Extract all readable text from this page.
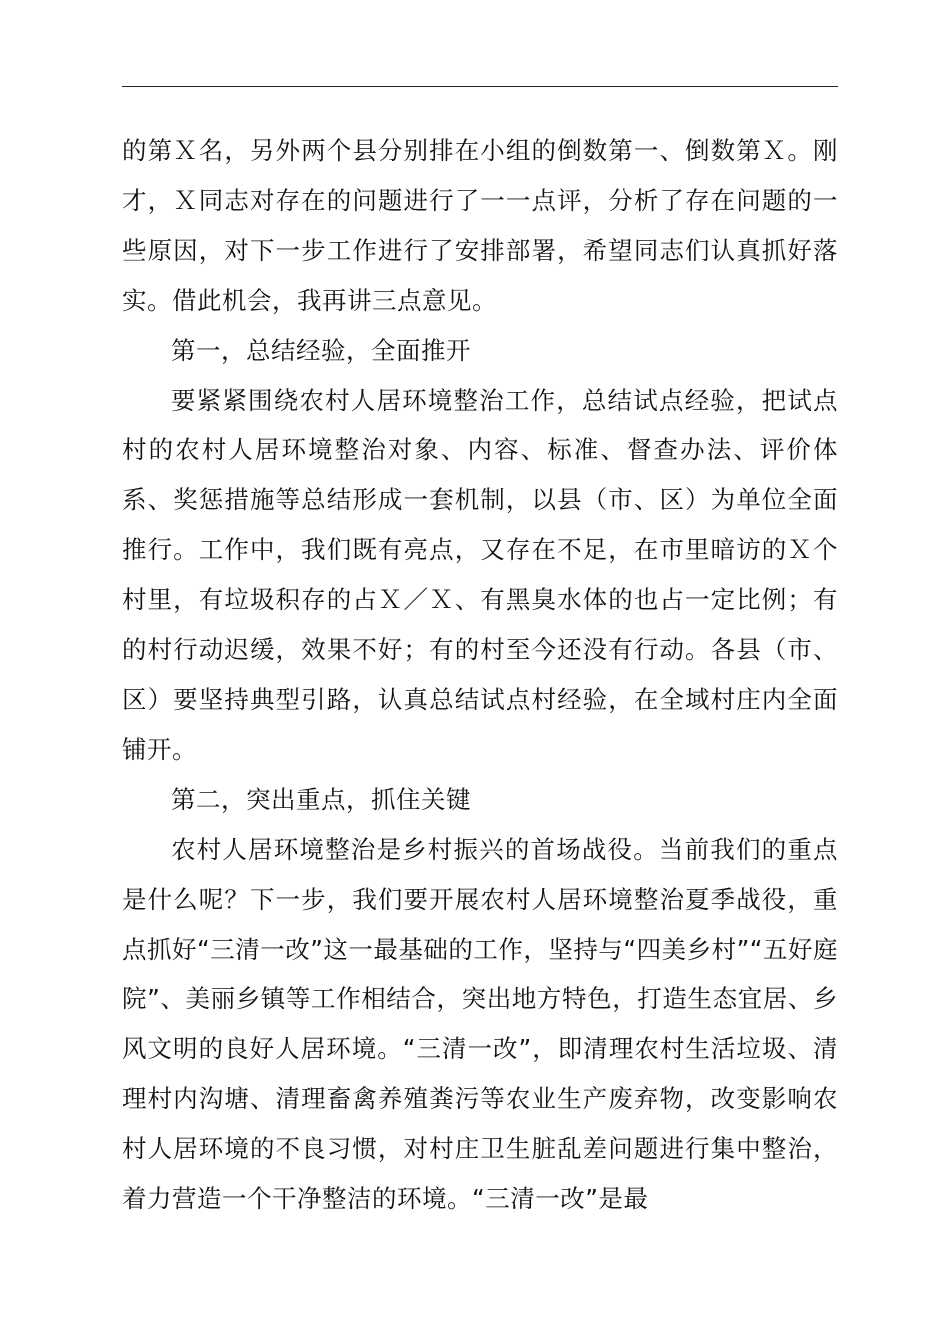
的第Ｘ名，另外两个县分别排在小组的倒数第一、倒数第Ｘ。刚才，Ｘ同志对存在的问题进行了一一点评，分析了存在问题的一些原因，对下一步工作进行了安排部署，希望同志们认真抓好落实。借此机会，我再讲三点意见。

第一，总结经验，全面推开

要紧紧围绕农村人居环境整治工作，总结试点经验，把试点村的农村人居环境整治对象、内容、标准、督查办法、评价体系、奖惩措施等总结形成一套机制，以县（市、区）为单位全面推行。工作中，我们既有亮点，又存在不足，在市里暗访的Ｘ个村里，有垃圾积存的占Ｘ／Ｘ、有黑臭水体的也占一定比例；有的村行动迟缓，效果不好；有的村至今还没有行动。各县（市、区）要坚持典型引路，认真总结试点村经验，在全域村庄内全面铺开。

第二，突出重点，抓住关键

农村人居环境整治是乡村振兴的首场战役。当前我们的重点是什么呢？下一步，我们要开展农村人居环境整治夏季战役，重点抓好“三清一改”这一最基础的工作，坚持与“四美乡村”“五好庭院”、美丽乡镇等工作相结合，突出地方特色，打造生态宜居、乡风文明的良好人居环境。“三清一改”，即清理农村生活垃圾、清理村内沟塘、清理畜禽养殖粪污等农业生产废弃物，改变影响农村人居环境的不良习惯，对村庄卫生脏乱差问题进行集中整治，着力营造一个干净整洁的环境。“三清一改”是最
